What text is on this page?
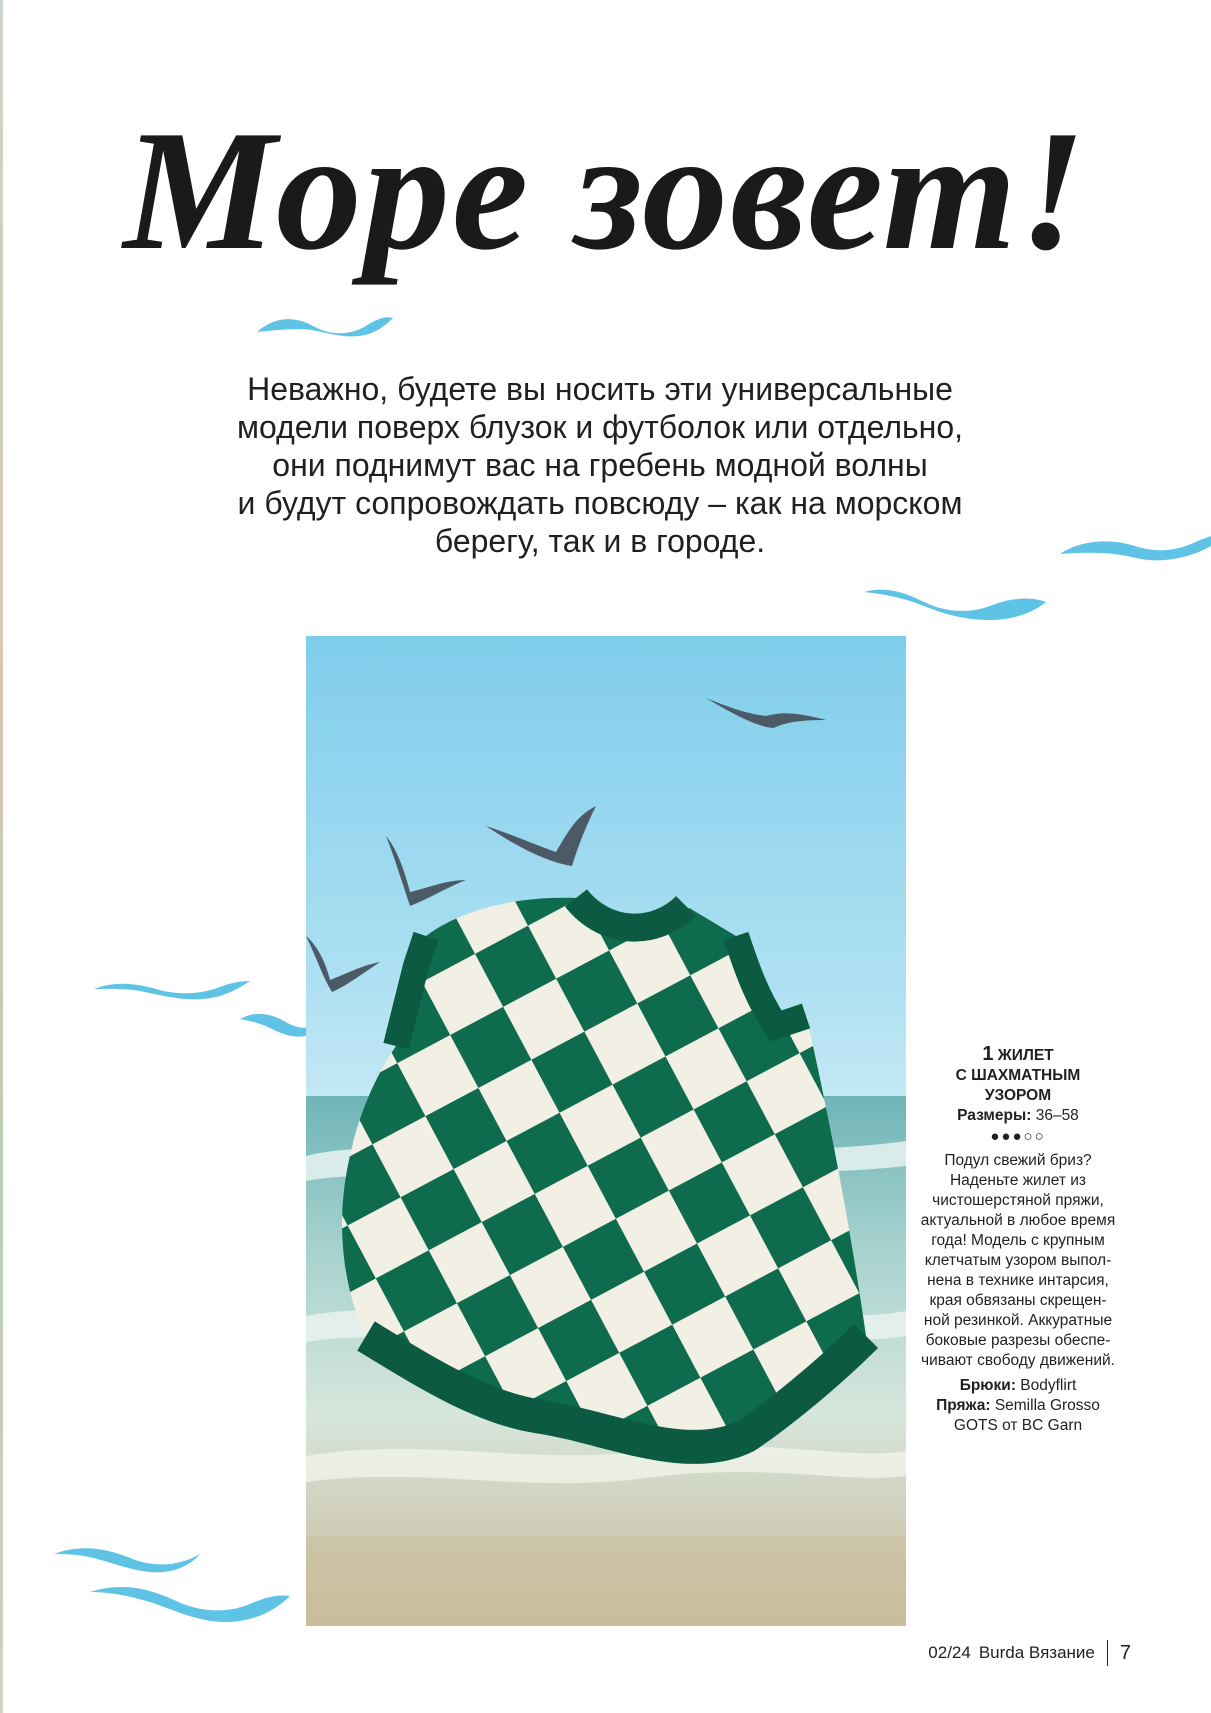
Море зовет!
Неважно, будете вы носить эти универсальные
модели поверх блузок и футболок или отдельно,
они поднимут вас на гребень модной волны
и будут сопровождать повсюду – как на морском
берегу, так и в городе.
1 ЖИЛЕТ
С ШАХМАТНЫМ
УЗОРОМ
Размеры: 36–58
●●●○○
Подул свежий бриз? Наденьте жилет из чистошерстяной пряжи, актуальной в любое время года! Модель с крупным клетчатым узором выпол-нена в технике интарсия, края обвязаны скрещен-ной резинкой. Аккуратные боковые разрезы обеспе-чивают свободу движений.
Брюки: Bodyflirt
Пряжа: Semilla Grosso GOTS от BC Garn
02/24 Burda Вязание 7
